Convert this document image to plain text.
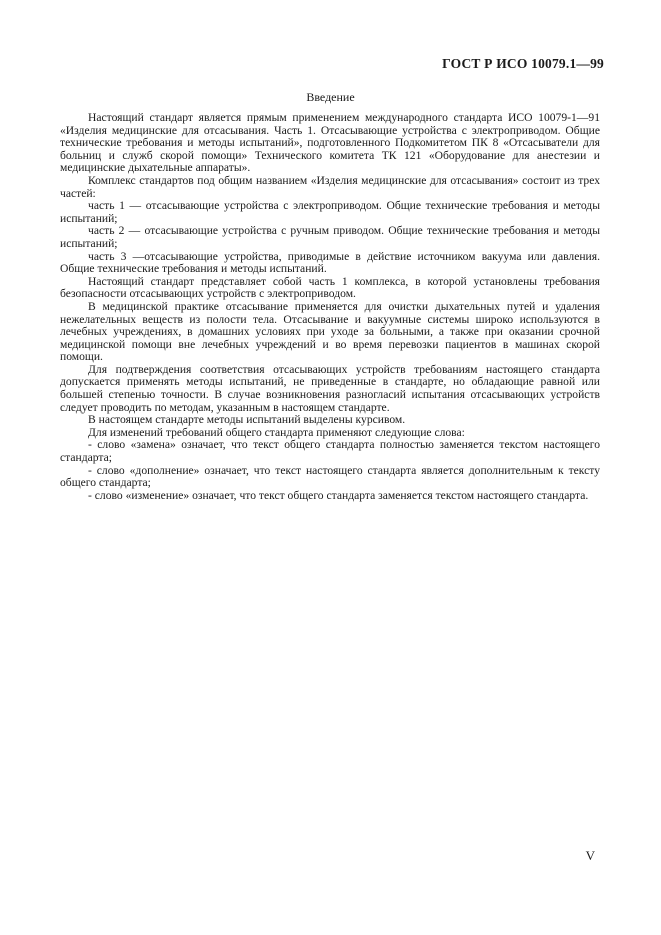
ГОСТ Р ИСО 10079.1—99
Введение

Настоящий стандарт является прямым применением международного стандарта ИСО 10079-1—91 «Изделия медицинские для отсасывания. Часть 1. Отсасывающие устройства с электроприводом. Общие технические требования и методы испытаний», подготовленного Подкомитетом ПК 8 «Отсасыватели для больниц и служб скорой помощи» Технического комитета ТК 121 «Оборудование для анестезии и медицинские дыхательные аппараты».

Комплекс стандартов под общим названием «Изделия медицинские для отсасывания» состоит из трех частей:

часть 1 — отсасывающие устройства с электроприводом. Общие технические требования и методы испытаний;

часть 2 — отсасывающие устройства с ручным приводом. Общие технические требования и методы испытаний;

часть 3 —отсасывающие устройства, приводимые в действие источником вакуума или давления. Общие технические требования и методы испытаний.

Настоящий стандарт представляет собой часть 1 комплекса, в которой установлены требования безопасности отсасывающих устройств с электроприводом.

В медицинской практике отсасывание применяется для очистки дыхательных путей и удаления нежелательных веществ из полости тела. Отсасывание и вакуумные системы широко используются в лечебных учреждениях, в домашних условиях при уходе за больными, а также при оказании срочной медицинской помощи вне лечебных учреждений и во время перевозки пациентов в машинах скорой помощи.

Для подтверждения соответствия отсасывающих устройств требованиям настоящего стандарта допускается применять методы испытаний, не приведенные в стандарте, но обладающие равной или большей степенью точности. В случае возникновения разногласий испытания отсасывающих устройств следует проводить по методам, указанным в настоящем стандарте.

В настоящем стандарте методы испытаний выделены курсивом.

Для изменений требований общего стандарта применяют следующие слова:

- слово «замена» означает, что текст общего стандарта полностью заменяется текстом настоящего стандарта;

- слово «дополнение» означает, что текст настоящего стандарта является дополнительным к тексту общего стандарта;

- слово «изменение» означает, что текст общего стандарта заменяется текстом настоящего стандарта.

V
